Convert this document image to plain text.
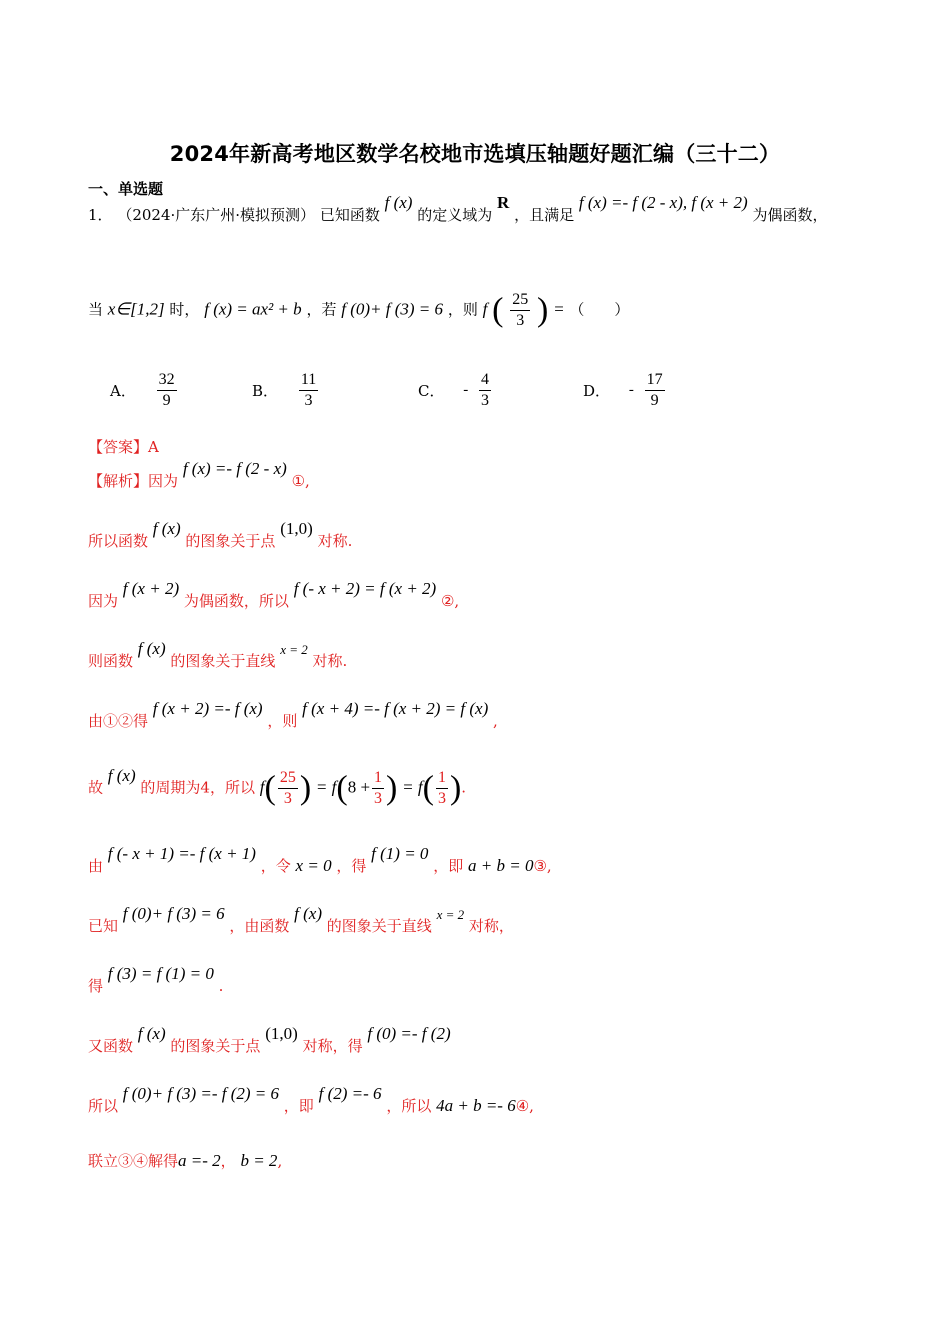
2024年新高考地区数学名校地市选填压轴题好题汇编（三十二）
一、单选题
1． （2024·广东广州·模拟预测） 已知函数 f (x) 的定义域为 R ，且满足 f (x) =- f (2 - x), f (x + 2) 为偶函数，
当 x∈[1,2] 时， f (x) = ax² + b ，若 f (0)+ f (3) = 6 ，则 f ( $\frac{25}{3}$ ) = （　　）
A． $\frac{32}{9}$	B． $\frac{11}{3}$	C． - $\frac{4}{3}$	D． - $\frac{17}{9}$
【答案】A
【解析】因为 f (x) =- f (2 - x) ①,
所以函数 f (x) 的图象关于点 (1,0) 对称.
因为 f (x + 2) 为偶函数，所以 f (- x + 2) = f (x + 2) ②,
则函数 f (x) 的图象关于直线 x = 2 对称.
由①②得 f (x + 2) =- f (x) ，则 f (x + 4) =- f (x + 2) = f (x) ,
故 f (x) 的周期为4，所以 $f( \frac{25}{3}$ ) = $f(8 + \frac{1}{3}$ ) = $f( \frac{1}{3}$ ).
由 f (- x + 1) =- f (x + 1) ，令 x = 0 ，得 f (1) = 0 ，即 a + b = 0③,
已知 f (0)+ f (3) = 6 ，由函数 f (x) 的图象关于直线 x = 2 对称，
得 f (3) = f (1) = 0 .
又函数 f (x) 的图象关于点 (1,0) 对称，得 f (0) =- f (2)
所以 f (0)+ f (3) =- f (2) = 6 ，即 f (2) =- 6 ，所以 4a + b =- 6④,
联立③④解得a =- 2， b = 2,
